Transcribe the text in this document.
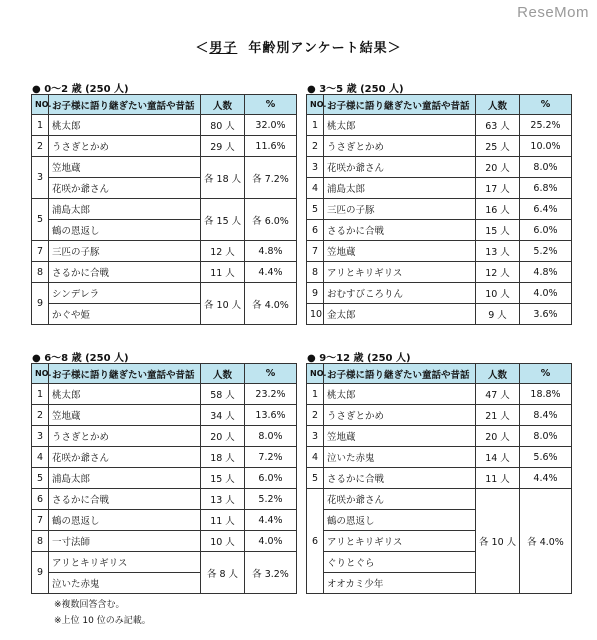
ReseMom
＜男子 年齢別アンケート結果＞
● 0〜2 歳 (250 人)
NO.	お子様に語り継ぎたい童話や昔話	人数	%
1	桃太郎	80 人	32.0%
2	うさぎとかめ	29 人	11.6%
3	笠地蔵	各 18 人	各 7.2%
	花咲か爺さん		
5	浦島太郎	各 15 人	各 6.0%
	鶴の恩返し		
7	三匹の子豚	12 人	4.8%
8	さるかに合戦	11 人	4.4%
9	シンデレラ	各 10 人	各 4.0%
	かぐや姫		
● 3〜5 歳 (250 人)
NO.	お子様に語り継ぎたい童話や昔話	人数	%
1	桃太郎	63 人	25.2%
2	うさぎとかめ	25 人	10.0%
3	花咲か爺さん	20 人	8.0%
4	浦島太郎	17 人	6.8%
5	三匹の子豚	16 人	6.4%
6	さるかに合戦	15 人	6.0%
7	笠地蔵	13 人	5.2%
8	アリとキリギリス	12 人	4.8%
9	おむすびころりん	10 人	4.0%
10	金太郎	9 人	3.6%
● 6〜8 歳 (250 人)
NO.	お子様に語り継ぎたい童話や昔話	人数	%
1	桃太郎	58 人	23.2%
2	笠地蔵	34 人	13.6%
3	うさぎとかめ	20 人	8.0%
4	花咲か爺さん	18 人	7.2%
5	浦島太郎	15 人	6.0%
6	さるかに合戦	13 人	5.2%
7	鶴の恩返し	11 人	4.4%
8	一寸法師	10 人	4.0%
9	アリとキリギリス	各 8 人	各 3.2%
	泣いた赤鬼		
● 9〜12 歳 (250 人)
NO.	お子様に語り継ぎたい童話や昔話	人数	%
1	桃太郎	47 人	18.8%
2	うさぎとかめ	21 人	8.4%
3	笠地蔵	20 人	8.0%
4	泣いた赤鬼	14 人	5.6%
5	さるかに合戦	11 人	4.4%
6	花咲か爺さん	各 10 人	各 4.0%
	鶴の恩返し		
	アリとキリギリス		
	ぐりとぐら		
	オオカミ少年		
※複数回答含む。
※上位 10 位のみ記載。
